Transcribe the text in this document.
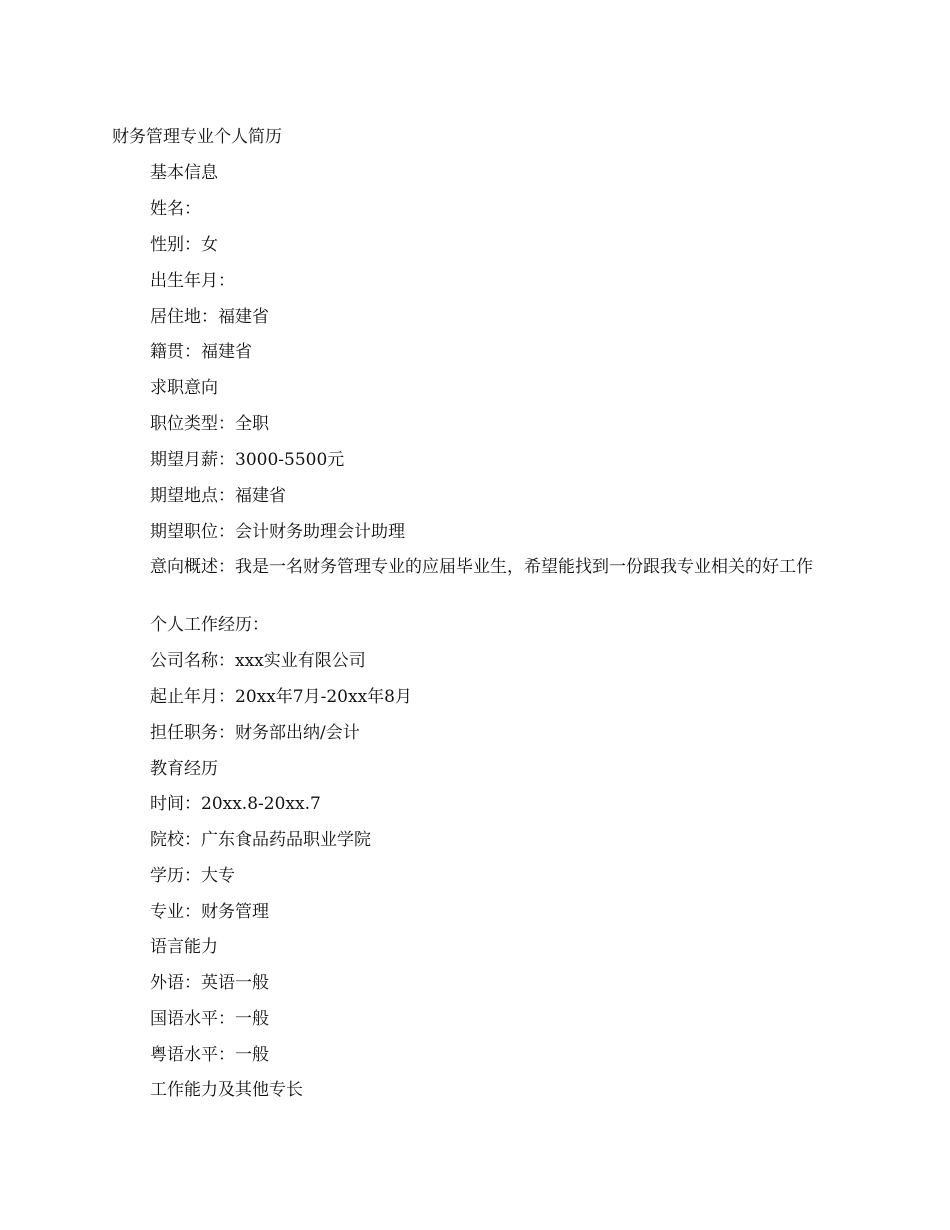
财务管理专业个人简历
基本信息
姓名：
性别：女
出生年月：
居住地：福建省
籍贯：福建省
求职意向
职位类型：全职
期望月薪：3000-5500元
期望地点：福建省
期望职位：会计财务助理会计助理
意向概述：我是一名财务管理专业的应届毕业生，希望能找到一份跟我专业相关的好工作
个人工作经历：
公司名称：xxx实业有限公司
起止年月：20xx年7月-20xx年8月
担任职务：财务部出纳/会计
教育经历
时间：20xx.8-20xx.7
院校：广东食品药品职业学院
学历：大专
专业：财务管理
语言能力
外语：英语一般
国语水平：一般
粤语水平：一般
工作能力及其他专长
